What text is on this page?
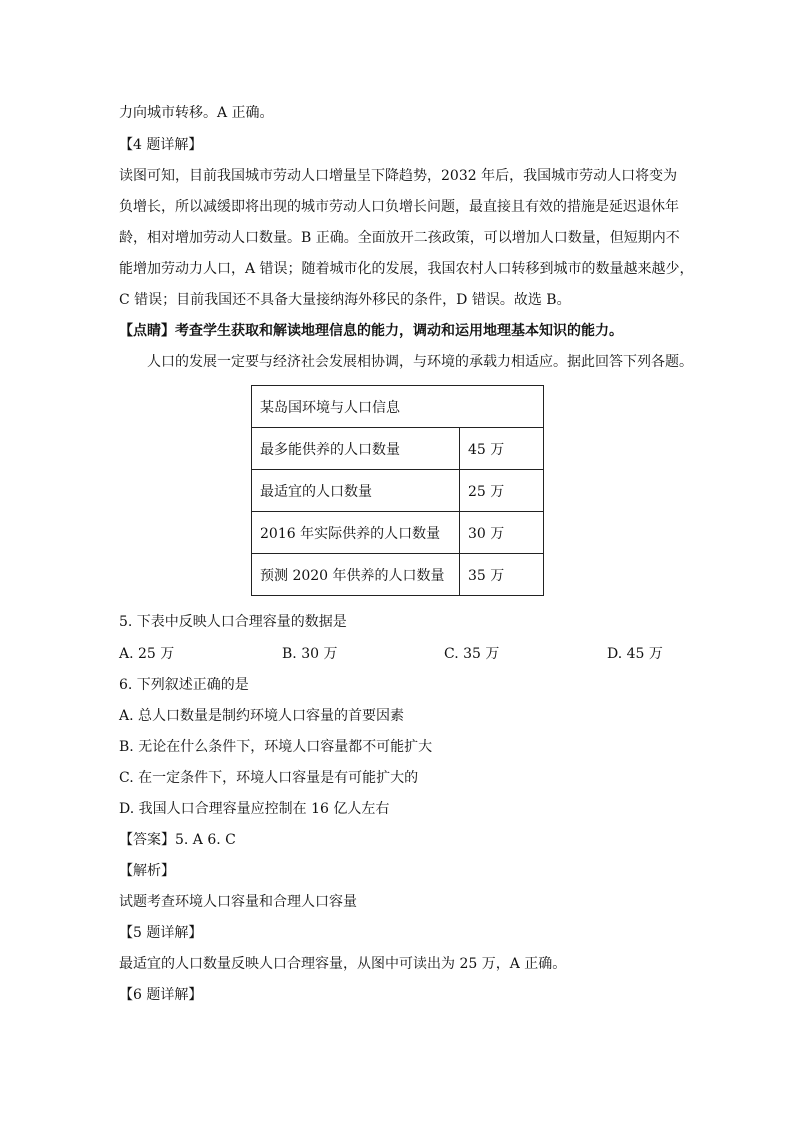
力向城市转移。A 正确。
【4 题详解】
读图可知，目前我国城市劳动人口增量呈下降趋势，2032 年后，我国城市劳动人口将变为
负增长，所以减缓即将出现的城市劳动人口负增长问题，最直接且有效的措施是延迟退休年
龄，相对增加劳动人口数量。B 正确。全面放开二孩政策，可以增加人口数量，但短期内不
能增加劳动力人口，A 错误；随着城市化的发展，我国农村人口转移到城市的数量越来越少，
C 错误；目前我国还不具备大量接纳海外移民的条件，D 错误。故选 B。
【点睛】考查学生获取和解读地理信息的能力，调动和运用地理基本知识的能力。
人口的发展一定要与经济社会发展相协调，与环境的承载力相适应。据此回答下列各题。
某岛国环境与人口信息	
最多能供养的人口数量	45 万
最适宜的人口数量	25 万
2016 年实际供养的人口数量	30 万
预测 2020 年供养的人口数量	35 万
5. 下表中反映人口合理容量的数据是
A. 25 万	B. 30 万	C. 35 万	D. 45 万
6. 下列叙述正确的是
A. 总人口数量是制约环境人口容量的首要因素
B. 无论在什么条件下，环境人口容量都不可能扩大
C. 在一定条件下，环境人口容量是有可能扩大的
D. 我国人口合理容量应控制在 16 亿人左右
【答案】5. A 6. C
【解析】
试题考查环境人口容量和合理人口容量
【5 题详解】
最适宜的人口数量反映人口合理容量，从图中可读出为 25 万，A 正确。
【6 题详解】
